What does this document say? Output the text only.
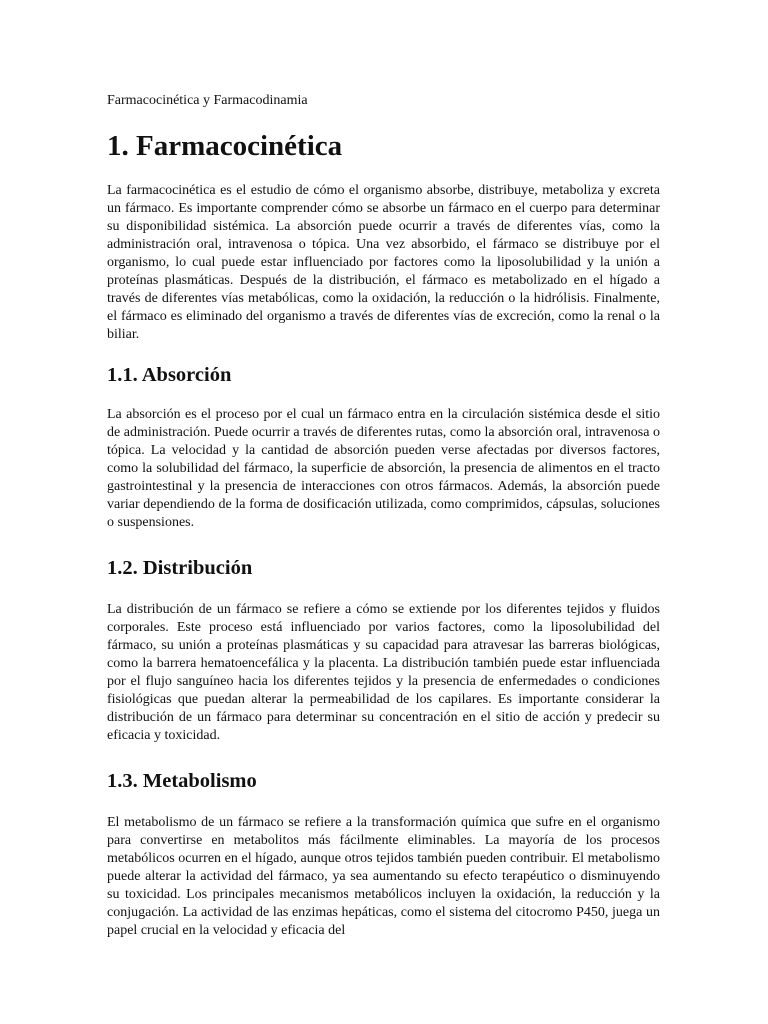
Farmacocinética y Farmacodinamia

1. Farmacocinética

La farmacocinética es el estudio de cómo el organismo absorbe, distribuye, metaboliza y excreta un fármaco. Es importante comprender cómo se absorbe un fármaco en el cuerpo para determinar su disponibilidad sistémica. La absorción puede ocurrir a través de diferentes vías, como la administración oral, intravenosa o tópica. Una vez absorbido, el fármaco se distribuye por el organismo, lo cual puede estar influenciado por factores como la liposolubilidad y la unión a proteínas plasmáticas. Después de la distribución, el fármaco es metabolizado en el hígado a través de diferentes vías metabólicas, como la oxidación, la reducción o la hidrólisis. Finalmente, el fármaco es eliminado del organismo a través de diferentes vías de excreción, como la renal o la biliar.

1.1. Absorción

La absorción es el proceso por el cual un fármaco entra en la circulación sistémica desde el sitio de administración. Puede ocurrir a través de diferentes rutas, como la absorción oral, intravenosa o tópica. La velocidad y la cantidad de absorción pueden verse afectadas por diversos factores, como la solubilidad del fármaco, la superficie de absorción, la presencia de alimentos en el tracto gastrointestinal y la presencia de interacciones con otros fármacos. Además, la absorción puede variar dependiendo de la forma de dosificación utilizada, como comprimidos, cápsulas, soluciones o suspensiones.

1.2. Distribución

La distribución de un fármaco se refiere a cómo se extiende por los diferentes tejidos y fluidos corporales. Este proceso está influenciado por varios factores, como la liposolubilidad del fármaco, su unión a proteínas plasmáticas y su capacidad para atravesar las barreras biológicas, como la barrera hematoencefálica y la placenta. La distribución también puede estar influenciada por el flujo sanguíneo hacia los diferentes tejidos y la presencia de enfermedades o condiciones fisiológicas que puedan alterar la permeabilidad de los capilares. Es importante considerar la distribución de un fármaco para determinar su concentración en el sitio de acción y predecir su eficacia y toxicidad.

1.3. Metabolismo

El metabolismo de un fármaco se refiere a la transformación química que sufre en el organismo para convertirse en metabolitos más fácilmente eliminables. La mayoría de los procesos metabólicos ocurren en el hígado, aunque otros tejidos también pueden contribuir. El metabolismo puede alterar la actividad del fármaco, ya sea aumentando su efecto terapéutico o disminuyendo su toxicidad. Los principales mecanismos metabólicos incluyen la oxidación, la reducción y la conjugación. La actividad de las enzimas hepáticas, como el sistema del citocromo P450, juega un papel crucial en la velocidad y eficacia del
